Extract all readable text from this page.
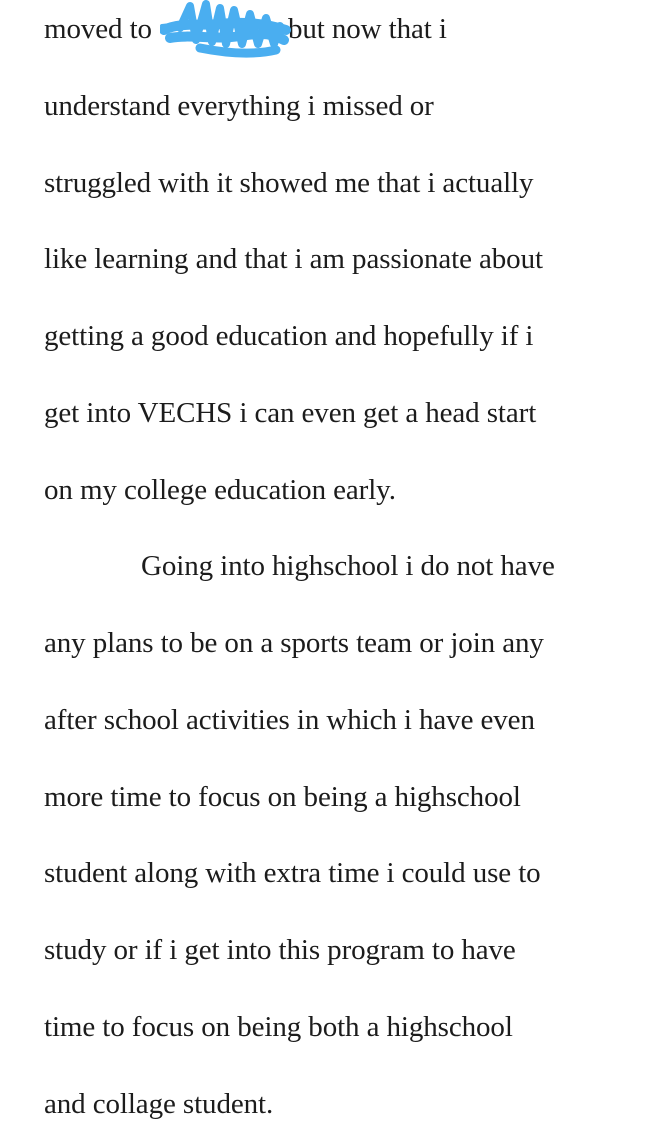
moved to	but now that i
understand everything i missed or
struggled with it showed me that i actually
like learning and that i am passionate about
getting a good education and hopefully if i
get into VECHS i can even get a head start
on my college education early.
Going into highschool i do not have
any plans to be on a sports team or join any
after school activities in which i have even
more time to focus on being a highschool
student along with extra time i could use to
study or if i get into this program to have
time to focus on being both a highschool
and collage student.
